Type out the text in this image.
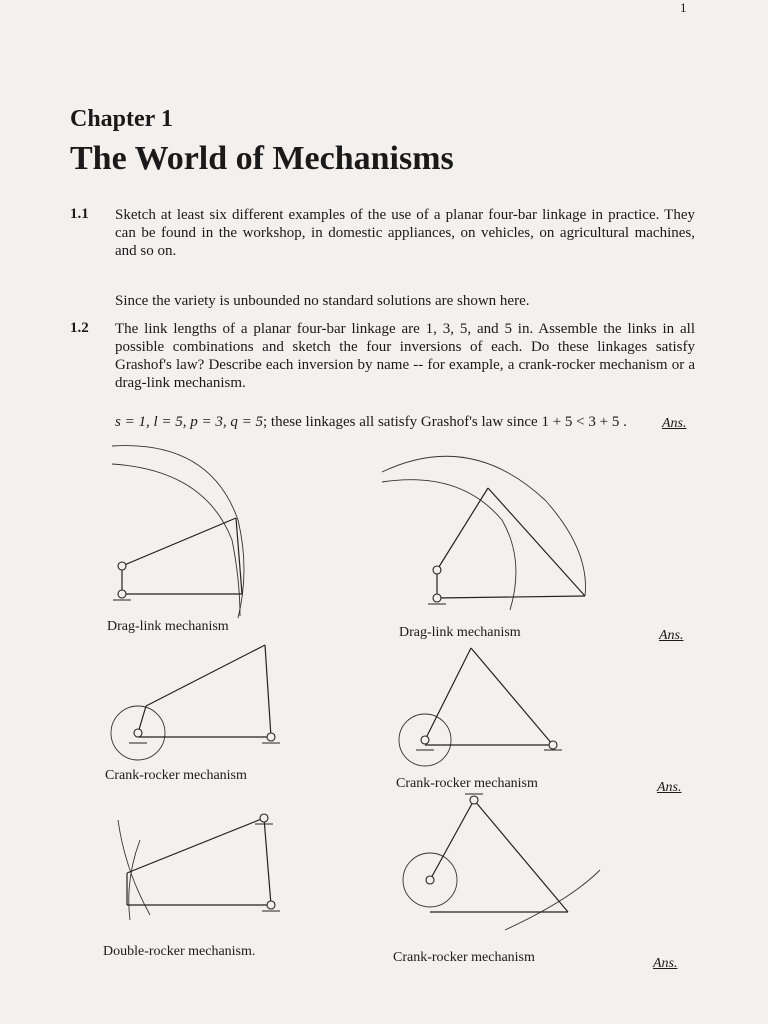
1
Chapter 1
The World of Mechanisms
1.1 Sketch at least six different examples of the use of a planar four-bar linkage in practice. They can be found in the workshop, in domestic appliances, on vehicles, on agricultural machines, and so on.
Since the variety is unbounded no standard solutions are shown here.
1.2 The link lengths of a planar four-bar linkage are 1, 3, 5, and 5 in. Assemble the links in all possible combinations and sketch the four inversions of each. Do these linkages satisfy Grashof's law? Describe each inversion by name -- for example, a crank-rocker mechanism or a drag-link mechanism.
s = 1, l = 5, p = 3, q = 5; these linkages all satisfy Grashof's law since 1 + 5 < 3 + 5 .	Ans.
Drag-link mechanism	Drag-link mechanism	Ans.
Crank-rocker mechanism
Crank-rocker mechanism	Ans.
Double-rocker mechanism.	Crank-rocker mechanism	Ans.
